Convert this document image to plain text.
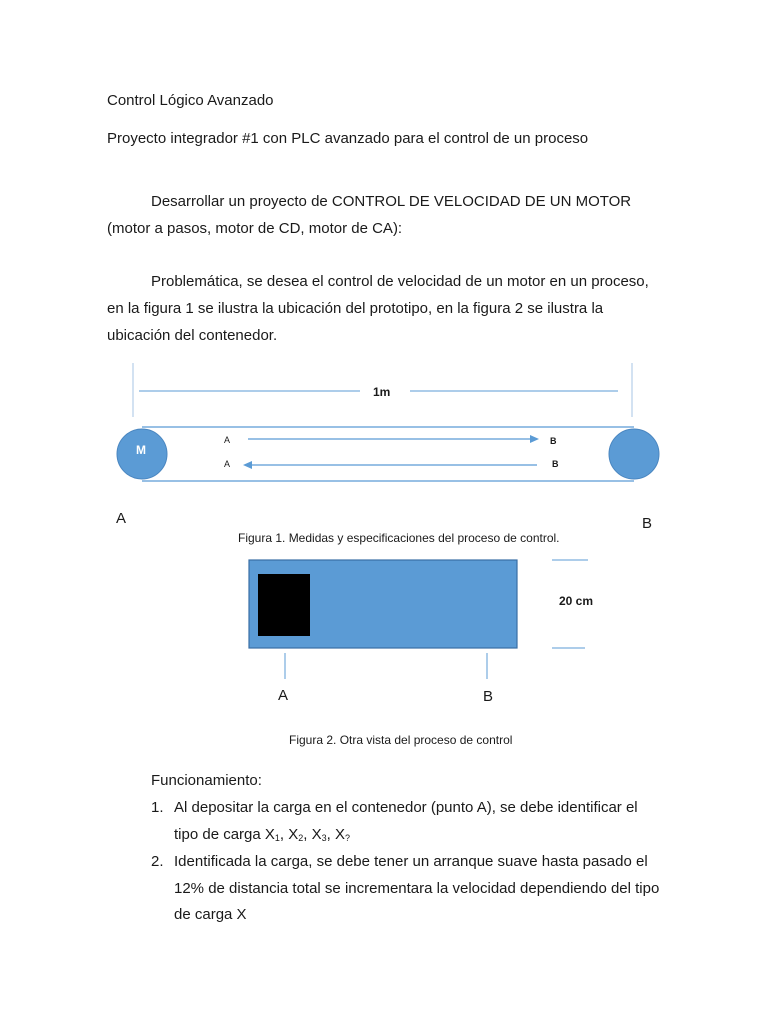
Control Lógico Avanzado

Proyecto integrador #1 con PLC avanzado para el control de un proceso

Desarrollar un proyecto de CONTROL DE VELOCIDAD DE UN MOTOR

(motor a pasos, motor de CD, motor de CA):

Problemática, se desea el control de velocidad de un motor en un proceso,

en la figura 1 se ilustra la ubicación del prototipo, en la figura 2 se ilustra la

ubicación del contenedor.

1m
M
A	B
A	B
A	B

Figura 1. Medidas y especificaciones del proceso de control.

20 cm
A	B

Figura 2. Otra vista del proceso de control

Funcionamiento:

1. Al depositar la carga en el contenedor (punto A), se debe identificar el
tipo de carga $X_1$, $X_2$, $X_3$, $X_?$
2. Identificada la carga, se debe tener un arranque suave hasta pasado el
12% de distancia total se incrementara la velocidad dependiendo del tipo
de carga X
